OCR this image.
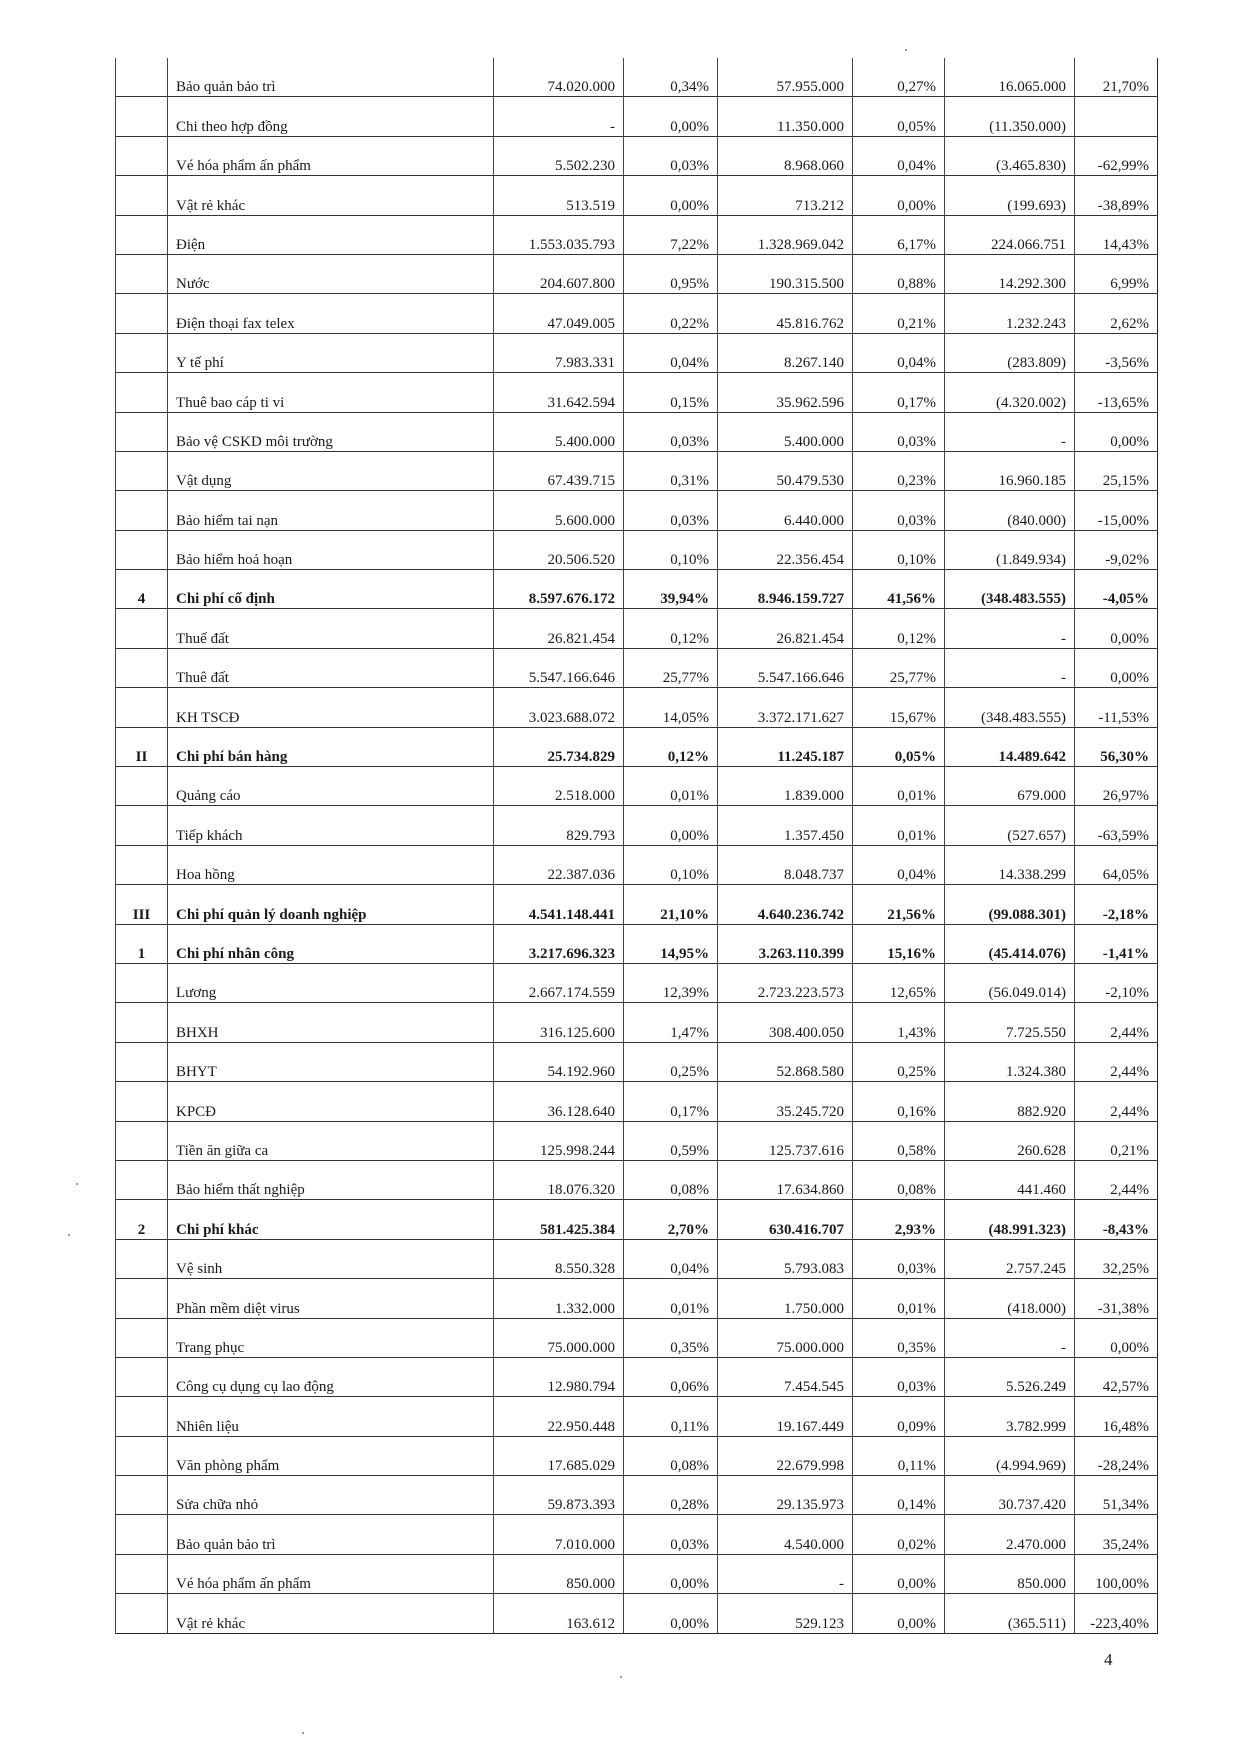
	Bảo quản bảo trì	74.020.000	0,34%	57.955.000	0,27%	16.065.000	21,70%
	Chi theo hợp đồng	-	0,00%	11.350.000	0,05%	(11.350.000)	
	Vé hóa phẩm ấn phẩm	5.502.230	0,03%	8.968.060	0,04%	(3.465.830)	-62,99%
	Vật rẻ khác	513.519	0,00%	713.212	0,00%	(199.693)	-38,89%
	Điện	1.553.035.793	7,22%	1.328.969.042	6,17%	224.066.751	14,43%
	Nước	204.607.800	0,95%	190.315.500	0,88%	14.292.300	6,99%
	Điện thoại fax telex	47.049.005	0,22%	45.816.762	0,21%	1.232.243	2,62%
	Y tế phí	7.983.331	0,04%	8.267.140	0,04%	(283.809)	-3,56%
	Thuê bao cáp ti vi	31.642.594	0,15%	35.962.596	0,17%	(4.320.002)	-13,65%
	Bảo vệ CSKD môi trường	5.400.000	0,03%	5.400.000	0,03%	-	0,00%
	Vật dụng	67.439.715	0,31%	50.479.530	0,23%	16.960.185	25,15%
	Bảo hiểm tai nạn	5.600.000	0,03%	6.440.000	0,03%	(840.000)	-15,00%
	Bảo hiểm hoả hoạn	20.506.520	0,10%	22.356.454	0,10%	(1.849.934)	-9,02%
4	Chi phí cố định	8.597.676.172	39,94%	8.946.159.727	41,56%	(348.483.555)	-4,05%
	Thuế đất	26.821.454	0,12%	26.821.454	0,12%	-	0,00%
	Thuê đất	5.547.166.646	25,77%	5.547.166.646	25,77%	-	0,00%
	KH TSCĐ	3.023.688.072	14,05%	3.372.171.627	15,67%	(348.483.555)	-11,53%
II	Chi phí bán hàng	25.734.829	0,12%	11.245.187	0,05%	14.489.642	56,30%
	Quảng cáo	2.518.000	0,01%	1.839.000	0,01%	679.000	26,97%
	Tiếp khách	829.793	0,00%	1.357.450	0,01%	(527.657)	-63,59%
	Hoa hồng	22.387.036	0,10%	8.048.737	0,04%	14.338.299	64,05%
III	Chi phí quản lý doanh nghiệp	4.541.148.441	21,10%	4.640.236.742	21,56%	(99.088.301)	-2,18%
1	Chi phí nhân công	3.217.696.323	14,95%	3.263.110.399	15,16%	(45.414.076)	-1,41%
	Lương	2.667.174.559	12,39%	2.723.223.573	12,65%	(56.049.014)	-2,10%
	BHXH	316.125.600	1,47%	308.400.050	1,43%	7.725.550	2,44%
	BHYT	54.192.960	0,25%	52.868.580	0,25%	1.324.380	2,44%
	KPCĐ	36.128.640	0,17%	35.245.720	0,16%	882.920	2,44%
	Tiền ăn giữa ca	125.998.244	0,59%	125.737.616	0,58%	260.628	0,21%
	Bảo hiểm thất nghiệp	18.076.320	0,08%	17.634.860	0,08%	441.460	2,44%
2	Chi phí khác	581.425.384	2,70%	630.416.707	2,93%	(48.991.323)	-8,43%
	Vệ sinh	8.550.328	0,04%	5.793.083	0,03%	2.757.245	32,25%
	Phần mềm diệt virus	1.332.000	0,01%	1.750.000	0,01%	(418.000)	-31,38%
	Trang phục	75.000.000	0,35%	75.000.000	0,35%	-	0,00%
	Công cụ dụng cụ lao động	12.980.794	0,06%	7.454.545	0,03%	5.526.249	42,57%
	Nhiên liệu	22.950.448	0,11%	19.167.449	0,09%	3.782.999	16,48%
	Văn phòng phẩm	17.685.029	0,08%	22.679.998	0,11%	(4.994.969)	-28,24%
	Sửa chữa nhỏ	59.873.393	0,28%	29.135.973	0,14%	30.737.420	51,34%
	Bảo quản bảo trì	7.010.000	0,03%	4.540.000	0,02%	2.470.000	35,24%
	Vé hóa phẩm ấn phẩm	850.000	0,00%	-	0,00%	850.000	100,00%
	Vật rẻ khác	163.612	0,00%	529.123	0,00%	(365.511)	-223,40%
4
